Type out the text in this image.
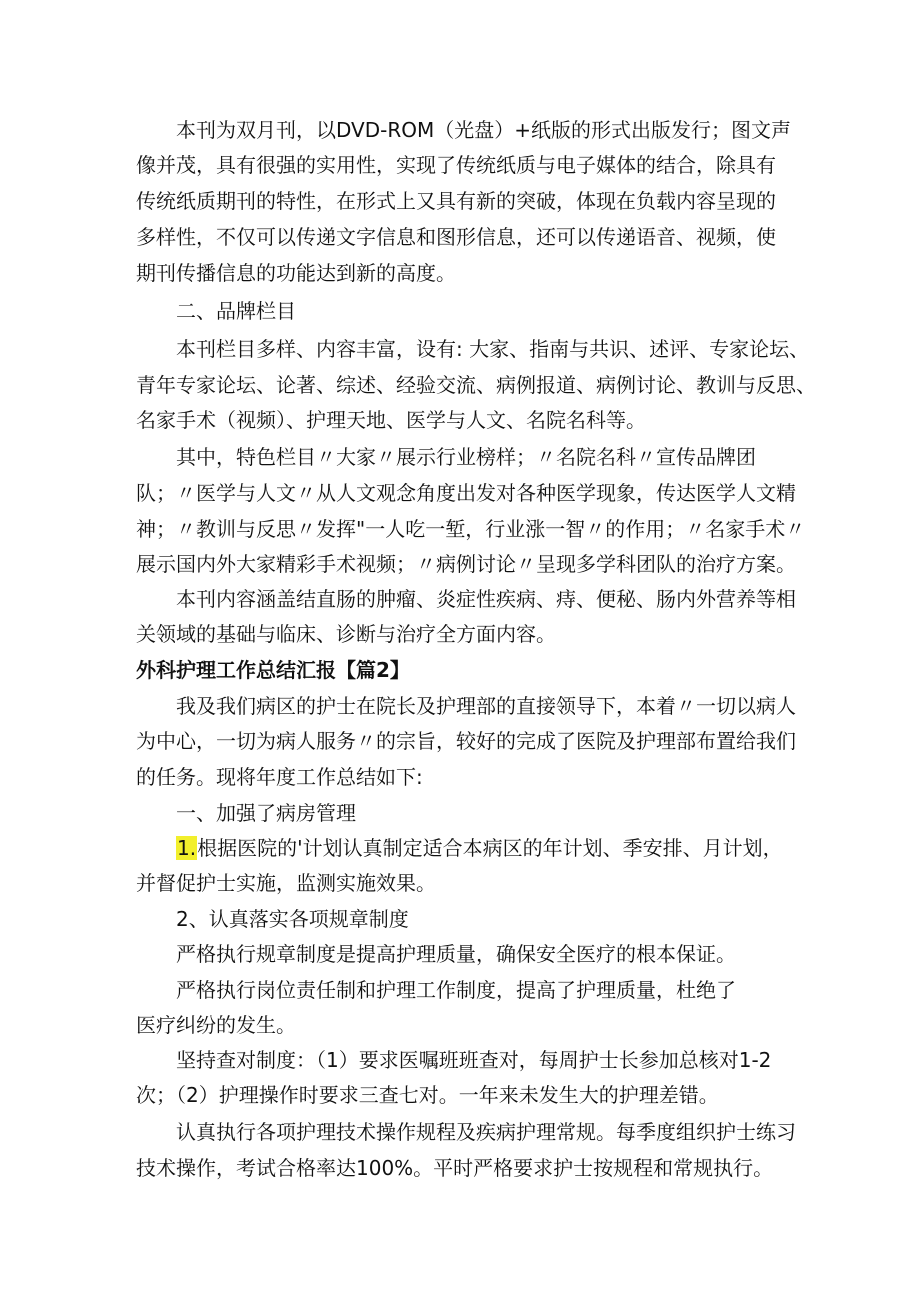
本刊为双月刊，以DVD-ROM（光盘）+纸版的形式出版发行；图文声
像并茂，具有很强的实用性，实现了传统纸质与电子媒体的结合，除具有
传统纸质期刊的特性，在形式上又具有新的突破，体现在负载内容呈现的
多样性，不仅可以传递文字信息和图形信息，还可以传递语音、视频，使
期刊传播信息的功能达到新的高度。
二、品牌栏目
本刊栏目多样、内容丰富，设有: 大家、指南与共识、述评、专家论坛、
青年专家论坛、论著、综述、经验交流、病例报道、病例讨论、教训与反思、
名家手术（视频）、护理天地、医学与人文、名院名科等。
其中，特色栏目〃大家〃展示行业榜样；〃名院名科〃宣传品牌团
队；〃医学与人文〃从人文观念角度出发对各种医学现象，传达医学人文精
神；〃教训与反思〃发挥"一人吃一堑，行业涨一智〃的作用；〃名家手术〃
展示国内外大家精彩手术视频；〃病例讨论〃呈现多学科团队的治疗方案。
本刊内容涵盖结直肠的肿瘤、炎症性疾病、痔、便秘、肠内外营养等相
关领域的基础与临床、诊断与治疗全方面内容。
外科护理工作总结汇报【篇2】
我及我们病区的护士在院长及护理部的直接领导下，本着〃一切以病人
为中心，一切为病人服务〃的宗旨，较好的完成了医院及护理部布置给我们
的任务。现将年度工作总结如下:
一、加强了病房管理
1.根据医院的'计划认真制定适合本病区的年计划、季安排、月计划，
并督促护士实施，监测实施效果。
2、认真落实各项规章制度
严格执行规章制度是提高护理质量，确保安全医疗的根本保证。
严格执行岗位责任制和护理工作制度，提高了护理质量，杜绝了
医疗纠纷的发生。
坚持查对制度：（1）要求医嘱班班查对，每周护士长参加总核对1-2
次；（2）护理操作时要求三查七对。一年来未发生大的护理差错。
认真执行各项护理技术操作规程及疾病护理常规。每季度组织护士练习
技术操作，考试合格率达100%。平时严格要求护士按规程和常规执行。
